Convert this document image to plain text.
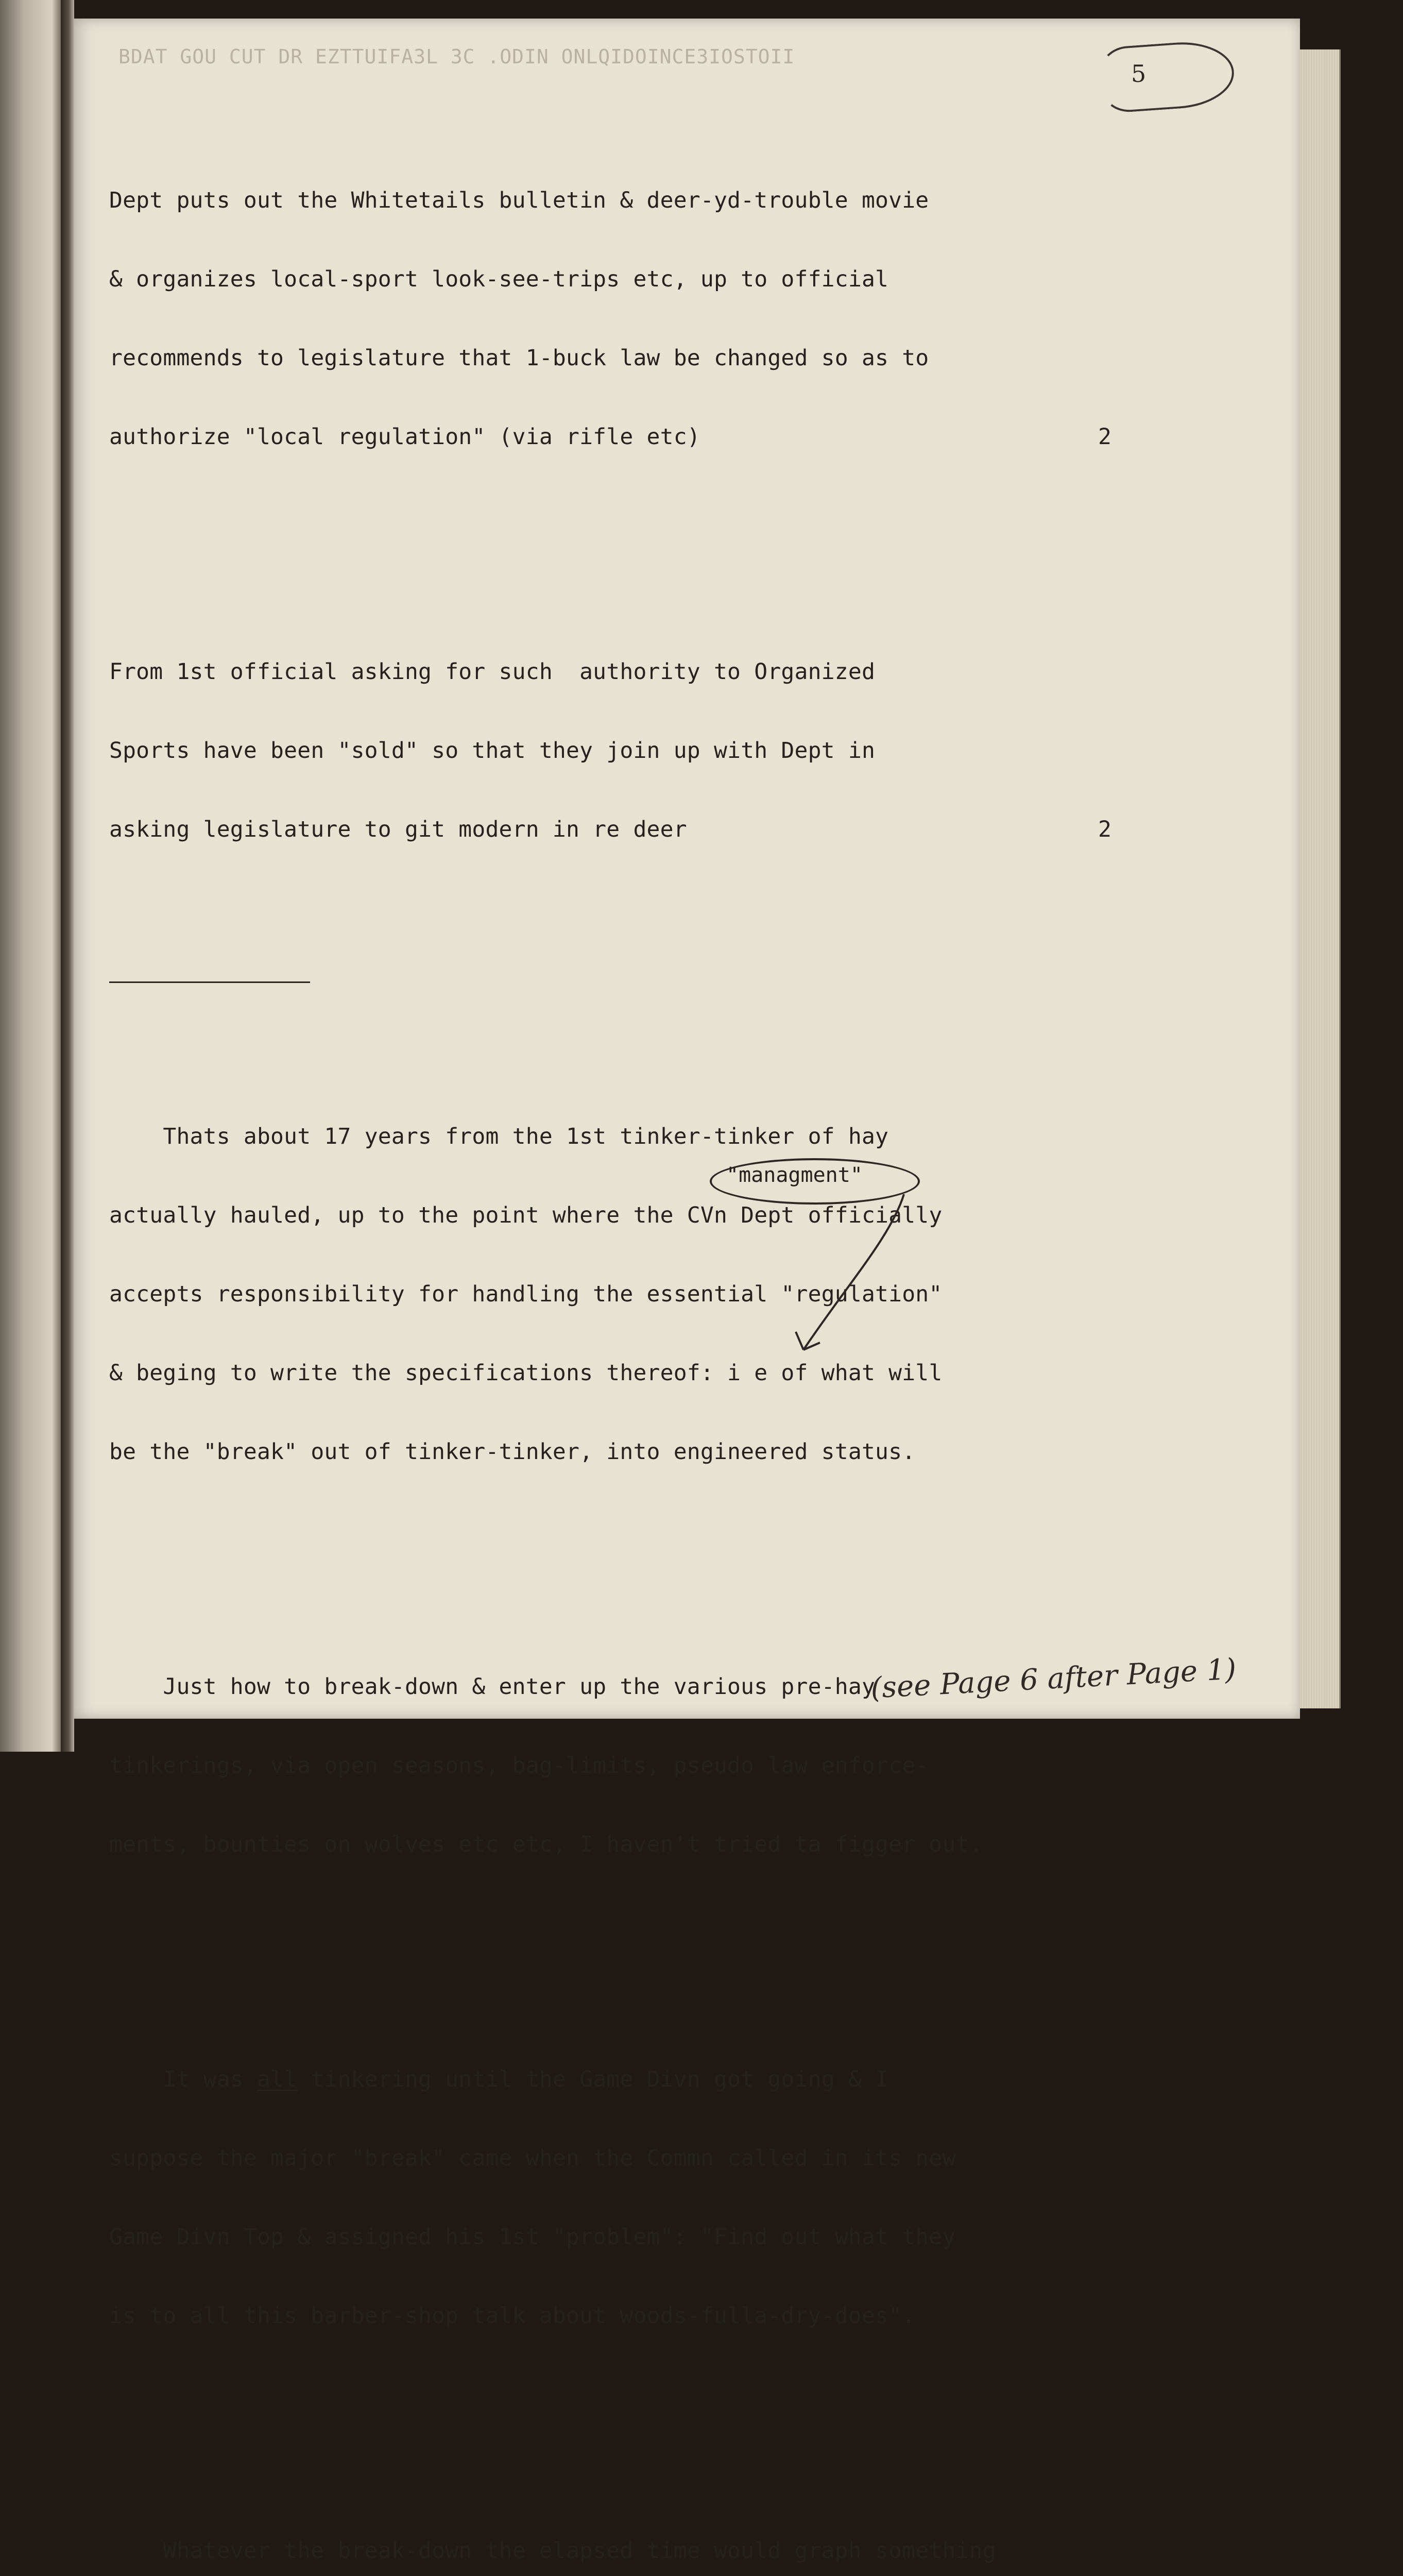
BDAT GOU CUT DR EZTTUIFA3L 3C .ODIN ONLQIDOINCE3IOSTOII
5

Dept puts out the Whitetails bulletin & deer-yd-trouble movie

& organizes local-sport look-see-trips etc, up to official

recommends to legislature that 1-buck law be changed so as to

authorize "local regulation" (via rifle etc)	2

From 1st official asking for such  authority to Organized

Sports have been "sold" so that they join up with Dept in

asking legislature to git modern in re deer	2

Thats about 17 years from the 1st tinker-tinker of hay

actually hauled, up to the point where the CVn Dept officially

accepts responsibility for handling the essential "regulation"

& beging to write the specifications thereof: i e of what will

be the "break" out of tinker-tinker, into engineered status.

Just how to break-down & enter up the various pre-hay

tinkerings, via open seasons, bag-limits, pseudo law enforce-

ments, bounties on wolves etc etc, I haven't tried ta figger out.

It was all tinkering until the Game Divn got going & I

suppose the major "break" came when the Commn called in its new

Game Divn Top & assigned his 1st "problem": "Find out what they

is to all this barber-shop talk about woods-fulla-dry-does".

Whatever the break-down the elapsed time would graph something

"managment"
(see Page 6 after Page 1)
